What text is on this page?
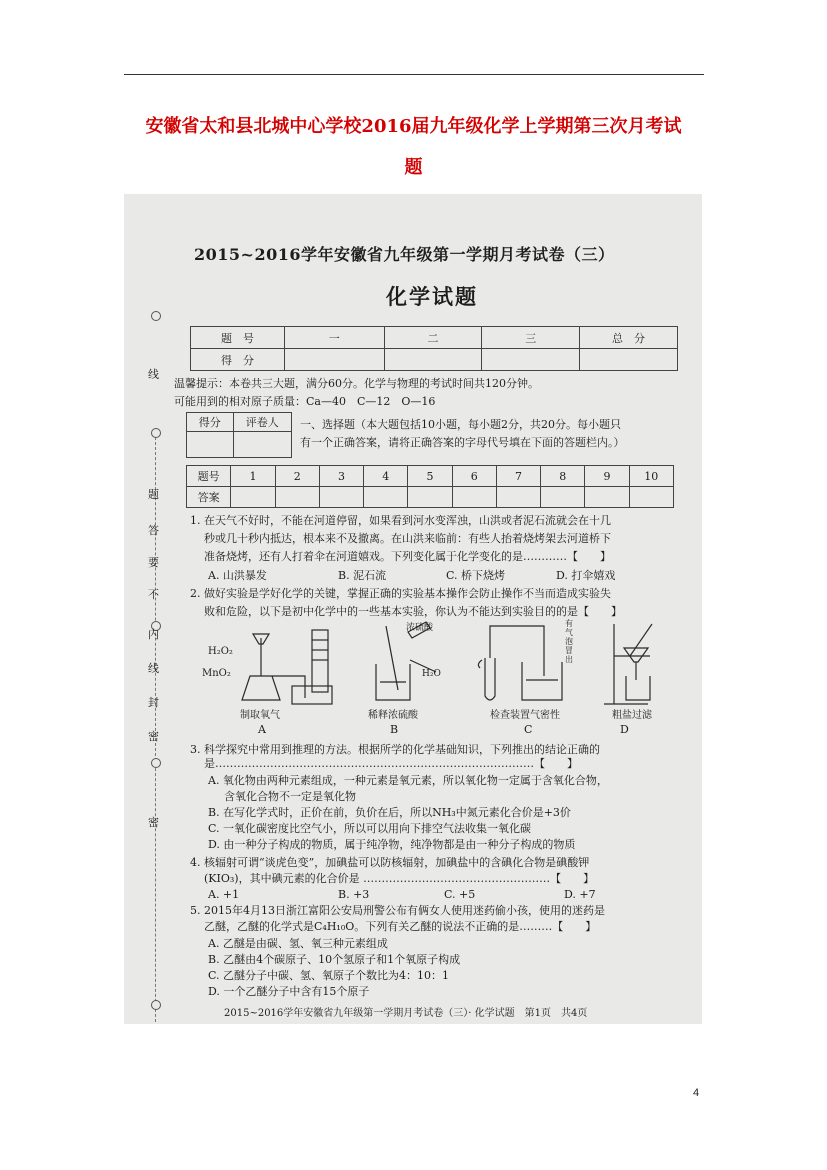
安徽省太和县北城中心学校2016届九年级化学上学期第三次月考试
题
线
题
答
要
不
内
线
封
密
密
2015~2016学年安徽省九年级第一学期月考试卷（三）
化学试题
题　号	一	二	三	总　分
得　分				
温馨提示：本卷共三大题，满分60分。化学与物理的考试时间共120分钟。
可能用到的相对原子质量：Ca—40　C—12　O—16
得分	评卷人
	一、选择题（本大题包括10小题，每小题2分，共20分。每小题只
有一个正确答案，请将正确答案的字母代号填在下面的答题栏内。）
题号	1	2	3	4	5	6	7	8	9	10
答案										
1. 在天气不好时，不能在河道停留，如果看到河水变浑浊，山洪或者泥石流就会在十几
秒或几十秒内抵达，根本来不及撤离。在山洪来临前：有些人抬着烧烤架去河道桥下
准备烧烤，还有人打着伞在河道嬉戏。下列变化属于化学变化的是…………【　　】
A. 山洪暴发	B. 泥石流	C. 桥下烧烤	D. 打伞嬉戏
2. 做好实验是学好化学的关键，掌握正确的实验基本操作会防止操作不当而造成实验失
败和危险，以下是初中化学中的一些基本实验，你认为不能达到实验目的的是【　　】
H₂O₂
MnO₂
浓硫酸
H₂O
有
气
泡
冒
出
制取氧气	稀释浓硫酸	检查装置气密性	粗盐过滤
A	B	C	D
3. 科学探究中常用到推理的方法。根据所学的化学基础知识，下列推出的结论正确的
是……………………………………………………………………………【　　】
A. 氧化物由两种元素组成，一种元素是氧元素，所以氧化物一定属于含氧化合物，
含氧化合物不一定是氧化物
B. 在写化学式时，正价在前，负价在后，所以NH₃中氮元素化合价是+3价
C. 一氧化碳密度比空气小，所以可以用向下排空气法收集一氧化碳
D. 由一种分子构成的物质，属于纯净物，纯净物都是由一种分子构成的物质
4. 核辐射可谓“谈虎色变”，加碘盐可以防核辐射，加碘盐中的含碘化合物是碘酸钾
(KIO₃)，其中碘元素的化合价是 ……………………………………………【　　】
A. +1	B. +3	C. +5	D. +7
5. 2015年4月13日浙江富阳公安局刑警公布有俩女人使用迷药偷小孩，使用的迷药是
乙醚，乙醚的化学式是C₄H₁₀O。下列有关乙醚的说法不正确的是………【　　】
A. 乙醚是由碳、氢、氧三种元素组成
B. 乙醚由4个碳原子、10个氢原子和1个氧原子构成
C. 乙醚分子中碳、氢、氧原子个数比为4：10：1
D. 一个乙醚分子中含有15个原子
2015~2016学年安徽省九年级第一学期月考试卷（三）· 化学试题　第1页　共4页
4
